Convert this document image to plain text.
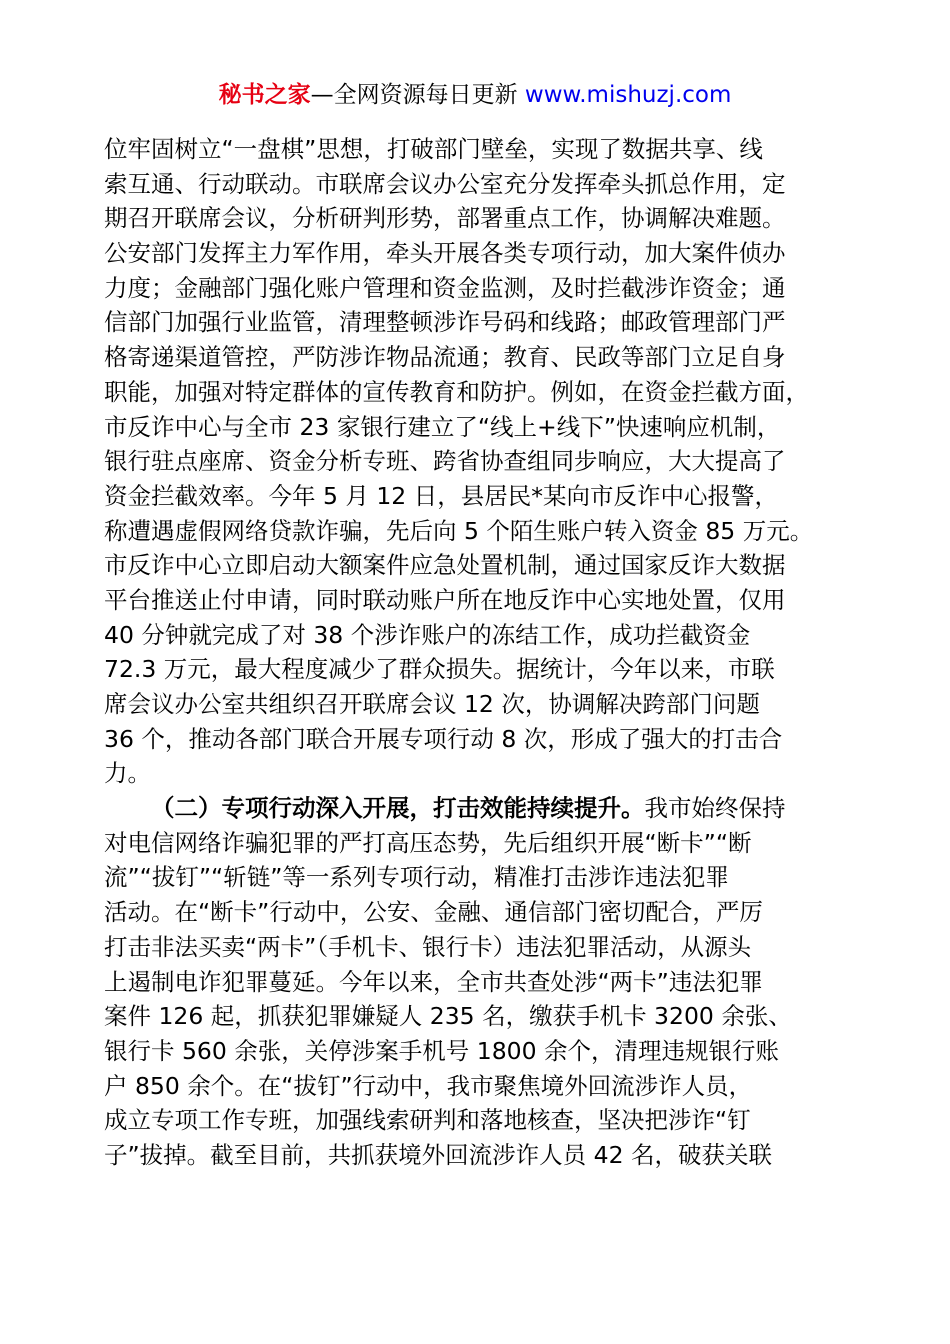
秘书之家—全网资源每日更新 www.mishuzj.com
位牢固树立“一盘棋”思想，打破部门壁垒，实现了数据共享、线
索互通、行动联动。市联席会议办公室充分发挥牵头抓总作用，定
期召开联席会议，分析研判形势，部署重点工作，协调解决难题。
公安部门发挥主力军作用，牵头开展各类专项行动，加大案件侦办
力度；金融部门强化账户管理和资金监测，及时拦截涉诈资金；通
信部门加强行业监管，清理整顿涉诈号码和线路；邮政管理部门严
格寄递渠道管控，严防涉诈物品流通；教育、民政等部门立足自身
职能，加强对特定群体的宣传教育和防护。例如，在资金拦截方面，
市反诈中心与全市 23 家银行建立了“线上+线下”快速响应机制，
银行驻点座席、资金分析专班、跨省协查组同步响应，大大提高了
资金拦截效率。今年 5 月 12 日，县居民*某向市反诈中心报警，
称遭遇虚假网络贷款诈骗，先后向 5 个陌生账户转入资金 85 万元。
市反诈中心立即启动大额案件应急处置机制，通过国家反诈大数据
平台推送止付申请，同时联动账户所在地反诈中心实地处置，仅用
40 分钟就完成了对 38 个涉诈账户的冻结工作，成功拦截资金
72.3 万元，最大程度减少了群众损失。据统计，今年以来，市联
席会议办公室共组织召开联席会议 12 次，协调解决跨部门问题
36 个，推动各部门联合开展专项行动 8 次，形成了强大的打击合
力。
（二）专项行动深入开展，打击效能持续提升。我市始终保持
对电信网络诈骗犯罪的严打高压态势，先后组织开展“断卡”“断
流”“拔钉”“斩链”等一系列专项行动，精准打击涉诈违法犯罪
活动。在“断卡”行动中，公安、金融、通信部门密切配合，严厉
打击非法买卖“两卡”（手机卡、银行卡）违法犯罪活动，从源头
上遏制电诈犯罪蔓延。今年以来，全市共查处涉“两卡”违法犯罪
案件 126 起，抓获犯罪嫌疑人 235 名，缴获手机卡 3200 余张、
银行卡 560 余张，关停涉案手机号 1800 余个，清理违规银行账
户 850 余个。在“拔钉”行动中，我市聚焦境外回流涉诈人员，
成立专项工作专班，加强线索研判和落地核查，坚决把涉诈“钉
子”拔掉。截至目前，共抓获境外回流涉诈人员 42 名，破获关联
